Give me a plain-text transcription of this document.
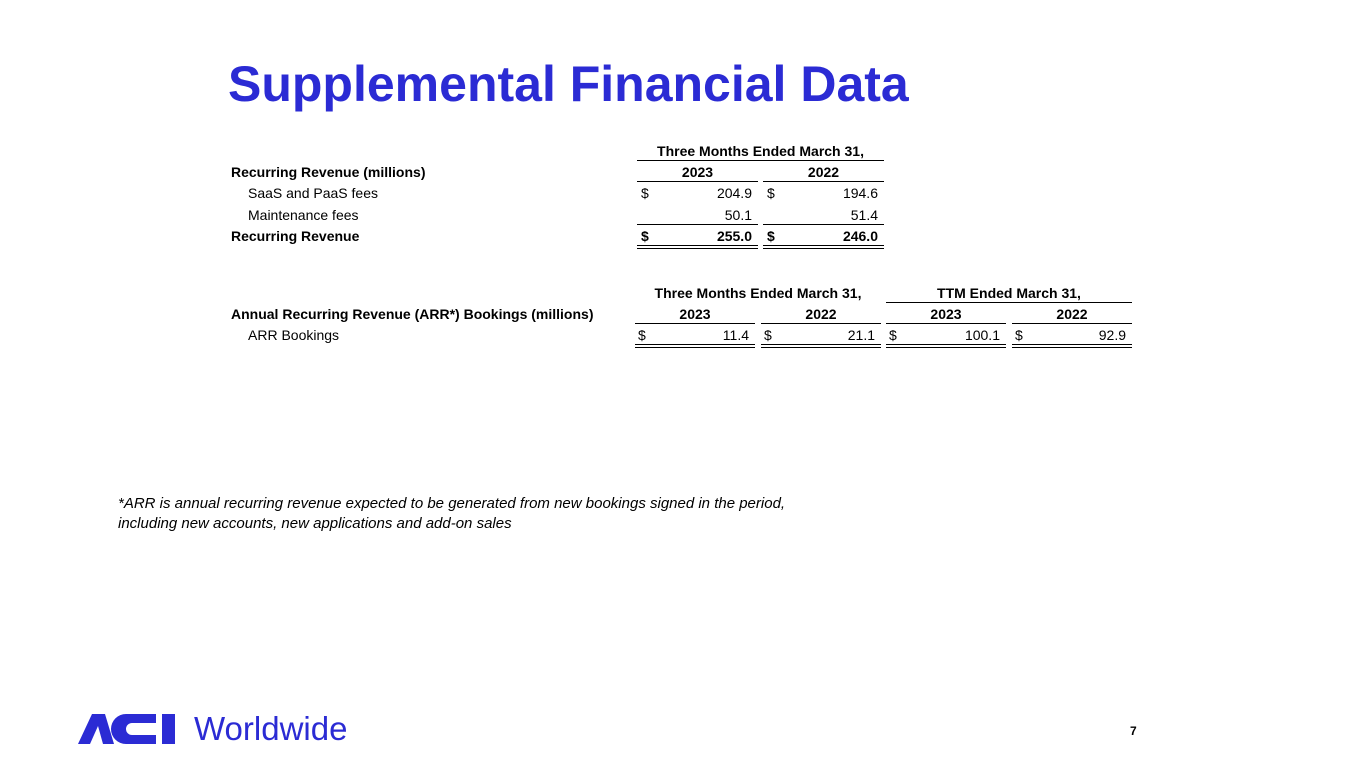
Supplemental Financial Data
Three Months Ended March 31,
Recurring Revenue (millions)	2023	2022
SaaS and PaaS fees	$	204.9 $	194.6
Maintenance fees	50.1	51.4
Recurring Revenue	$	255.0 $	246.0
Three Months Ended March 31,	TTM Ended March 31,
Annual Recurring Revenue (ARR*) Bookings (millions)	2023	2022	2023	2022
ARR Bookings	$	11.4 $	21.1 $	100.1 $	92.9
*ARR is annual recurring revenue expected to be generated from new bookings signed in the period, including new accounts, new applications and add-on sales
Worldwide	7
